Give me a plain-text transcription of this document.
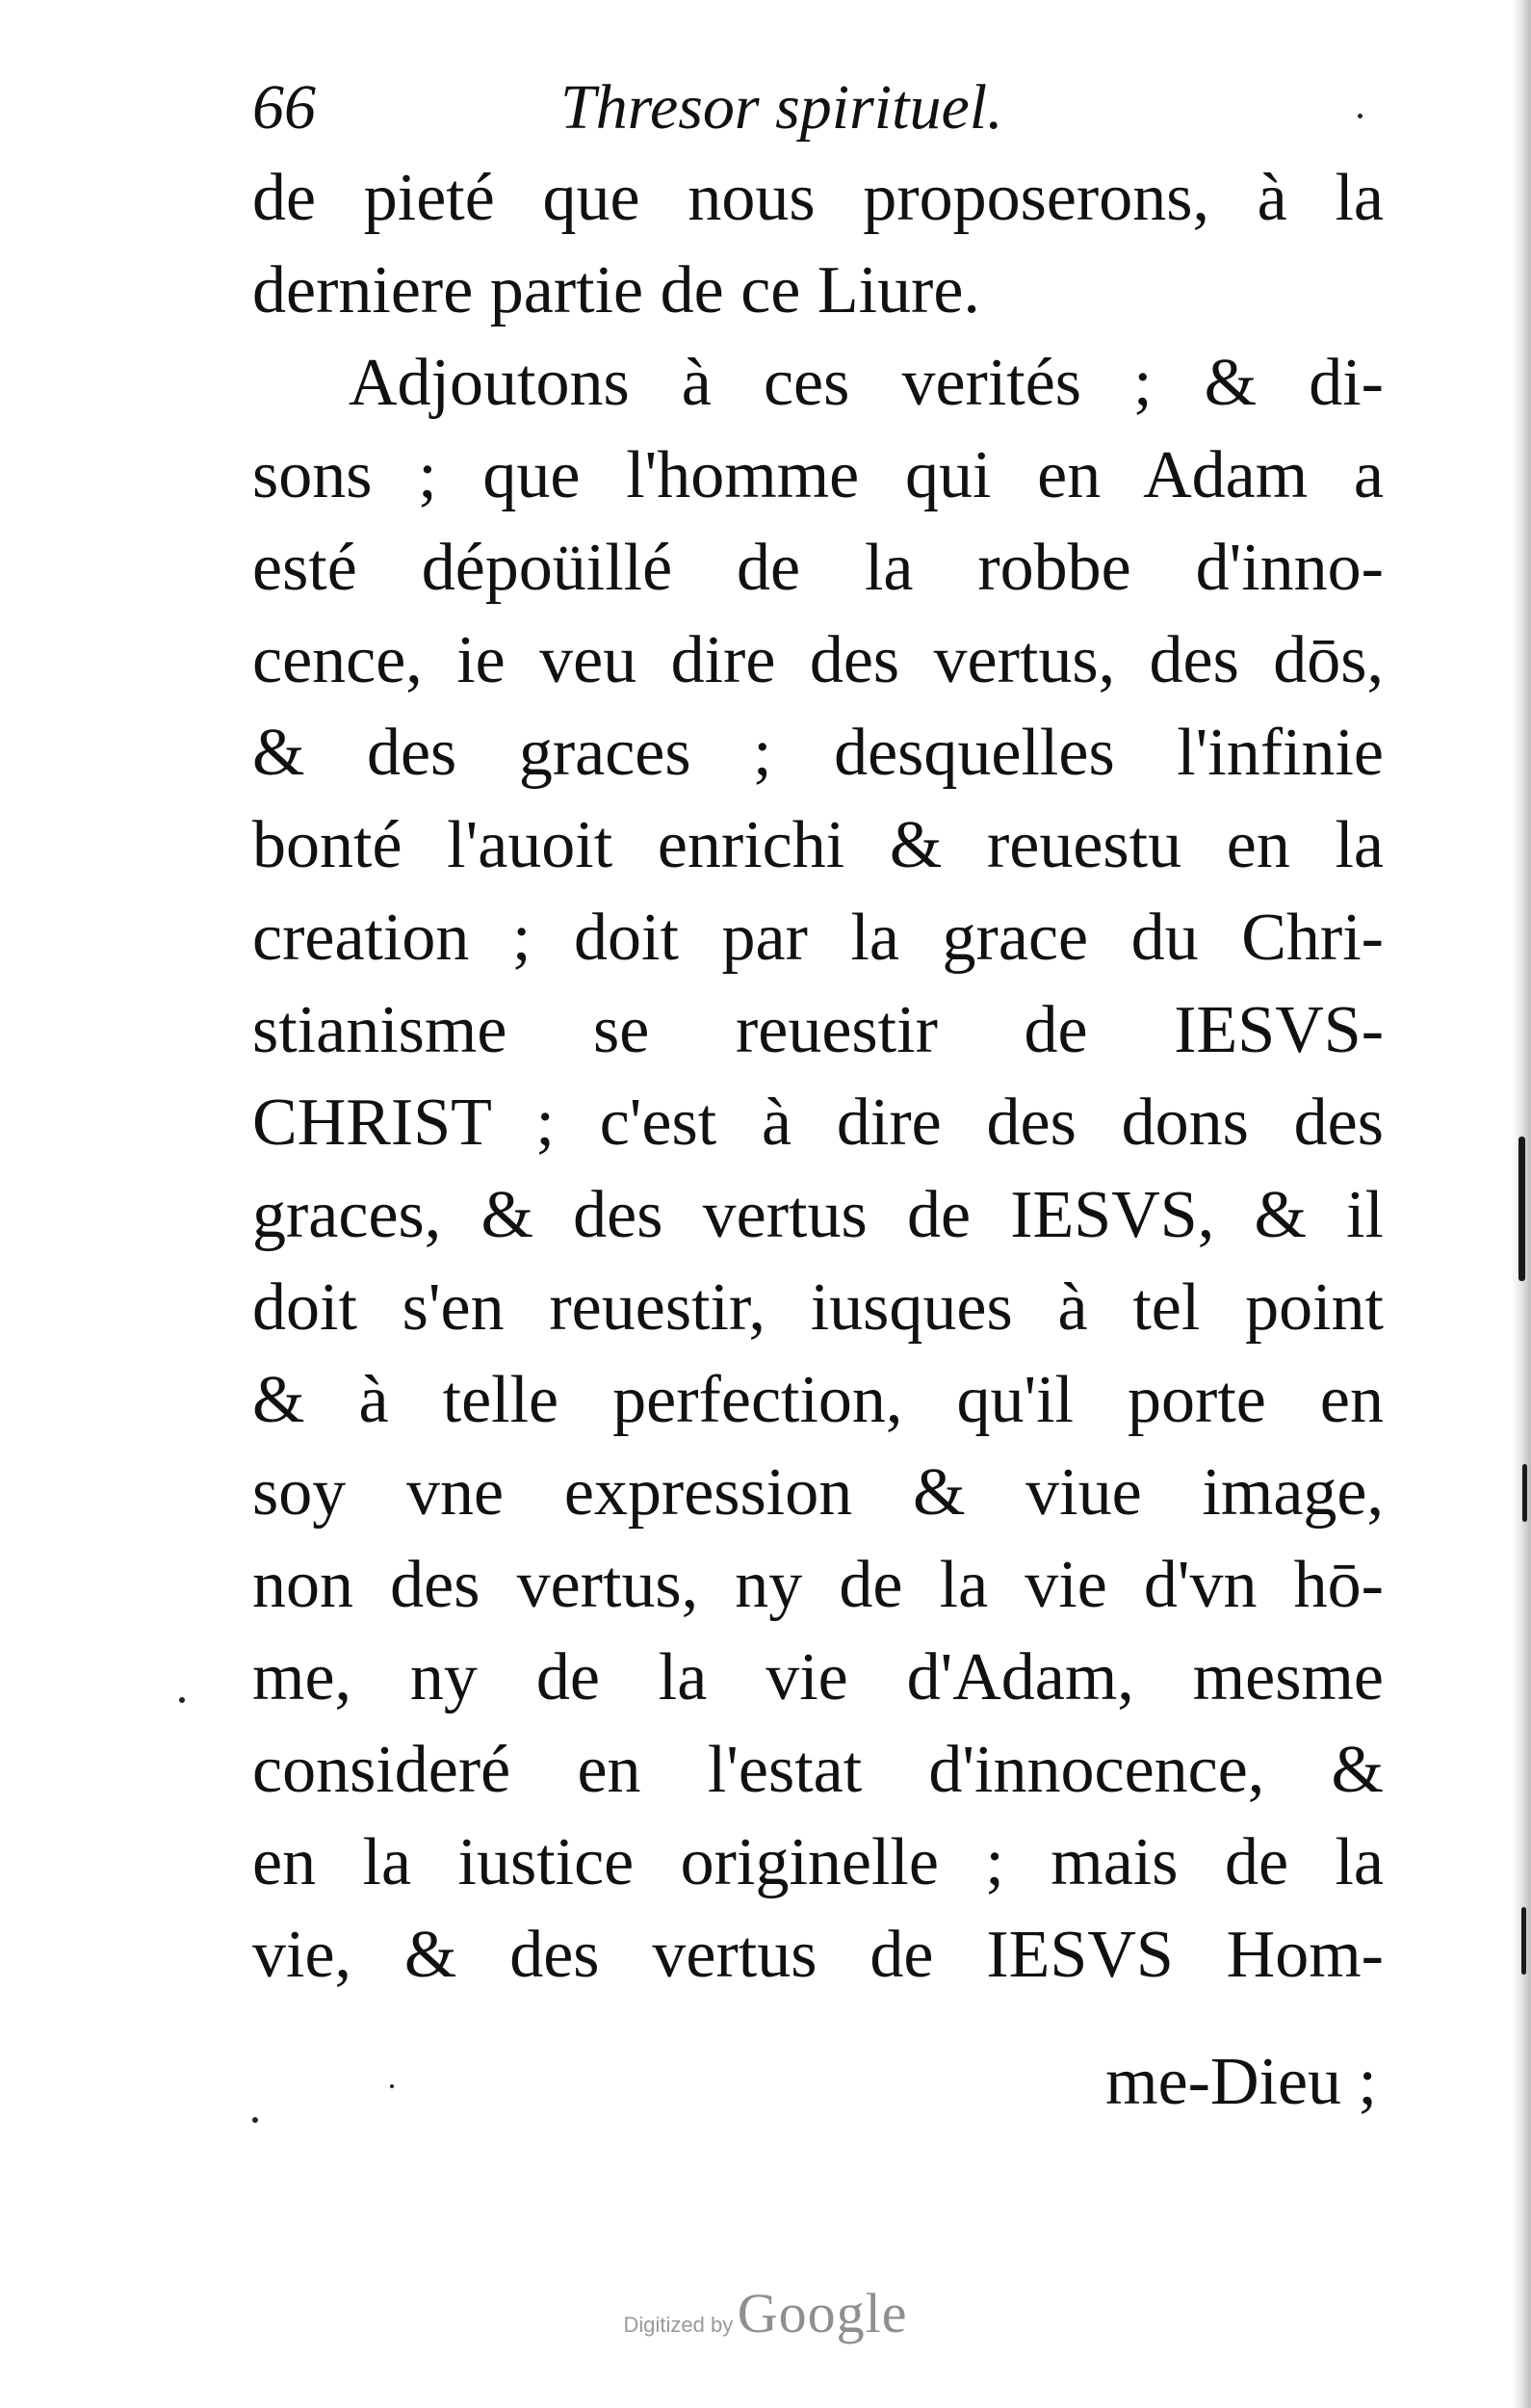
66	Thresor spirituel.
de pieté que nous proposerons, à la
derniere partie de ce Liure.
Adjoutons à ces verités ; & di-
sons ; que l'homme qui en Adam a
esté dépoüillé de la robbe d'inno-
cence, ie veu dire des vertus, des dōs,
& des graces ; desquelles l'infinie
bonté l'auoit enrichi & reuestu en la
creation ; doit par la grace du Chri-
stianisme se reuestir de IESVS-
CHRIST ; c'est à dire des dons des
graces, & des vertus de IESVS, & il
doit s'en reuestir, iusques à tel point
& à telle perfection, qu'il porte en
soy vne expression & viue image,
non des vertus, ny de la vie d'vn hō-
me, ny de la vie d'Adam, mesme
consideré en l'estat d'innocence, &
en la iustice originelle ; mais de la
vie, & des vertus de IESVS Hom-
me-Dieu ;
Digitized by Google
